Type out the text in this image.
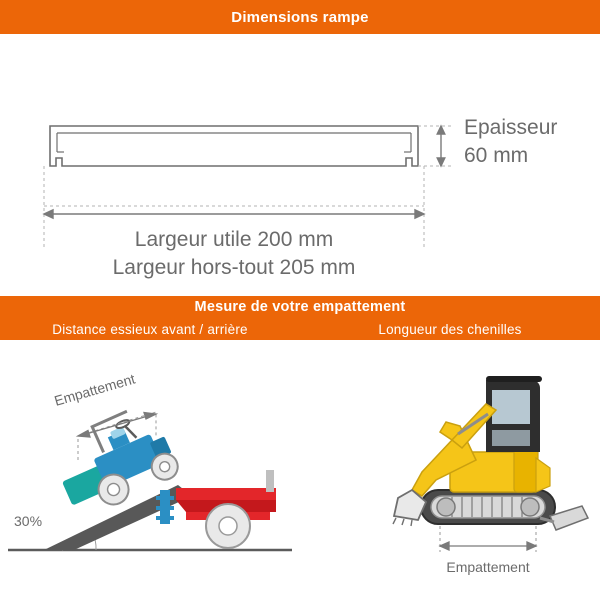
Dimensions rampe
Epaisseur
60 mm
Largeur utile 200 mm
Largeur hors-tout 205 mm
Mesure de votre empattement
Distance essieux avant / arrière	Longueur des chenilles
30%
Empattement
Empattement
